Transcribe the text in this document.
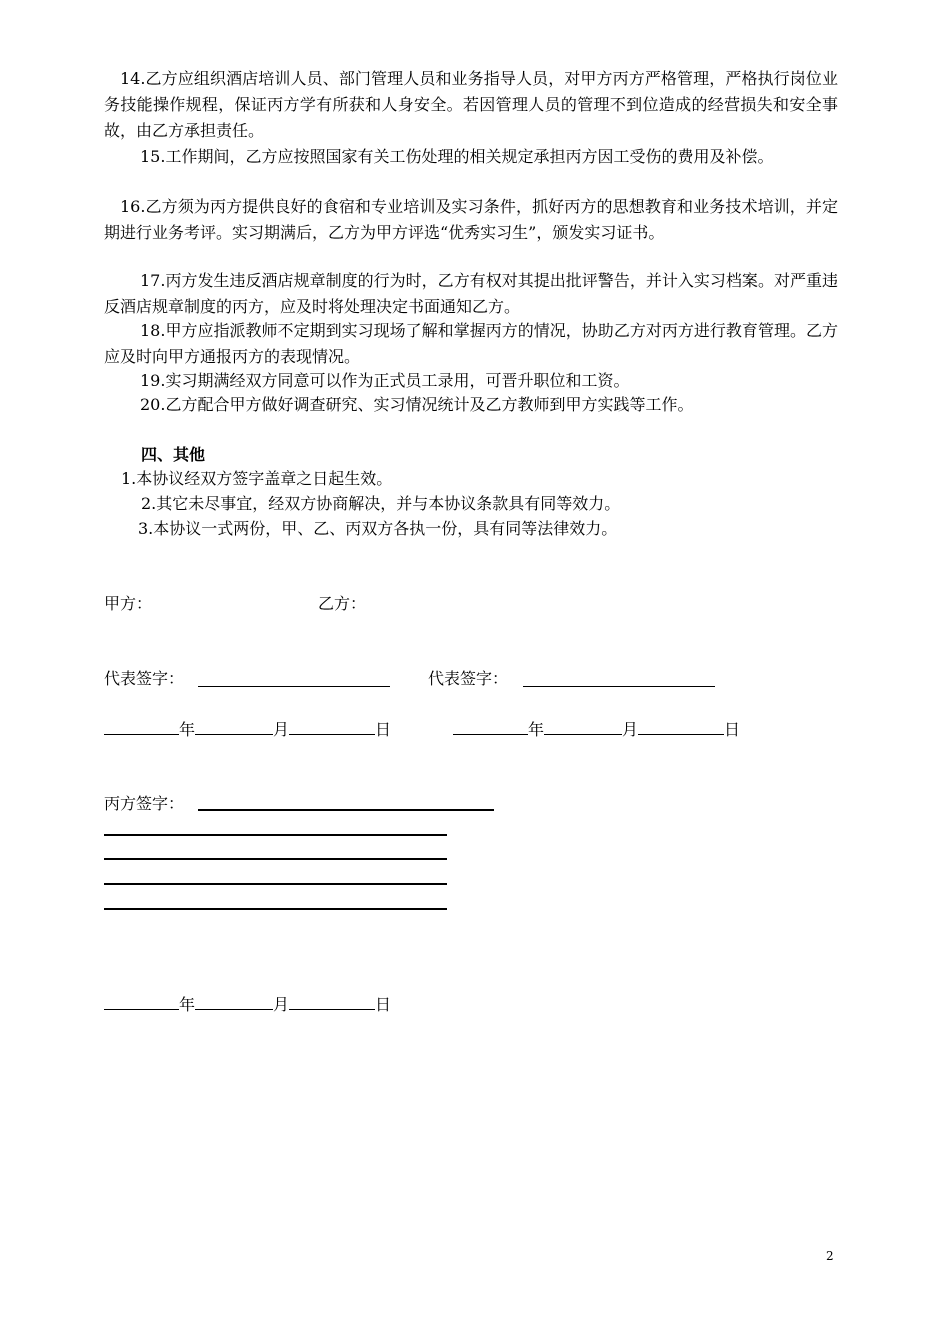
14.乙方应组织酒店培训人员、部门管理人员和业务指导人员，对甲方丙方严格管理，严格执行岗位业务技能操作规程，保证丙方学有所获和人身安全。若因管理人员的管理不到位造成的经营损失和安全事故，由乙方承担责任。

15.工作期间，乙方应按照国家有关工伤处理的相关规定承担丙方因工受伤的费用及补偿。

16.乙方须为丙方提供良好的食宿和专业培训及实习条件，抓好丙方的思想教育和业务技术培训，并定期进行业务考评。实习期满后，乙方为甲方评选“优秀实习生”，颁发实习证书。

17.丙方发生违反酒店规章制度的行为时，乙方有权对其提出批评警告，并计入实习档案。对严重违反酒店规章制度的丙方，应及时将处理决定书面通知乙方。

18.甲方应指派教师不定期到实习现场了解和掌握丙方的情况，协助乙方对丙方进行教育管理。乙方应及时向甲方通报丙方的表现情况。

19.实习期满经双方同意可以作为正式员工录用，可晋升职位和工资。

20.乙方配合甲方做好调查研究、实习情况统计及乙方教师到甲方实践等工作。

四、其他

1.本协议经双方签字盖章之日起生效。

2.其它未尽事宜，经双方协商解决，并与本协议条款具有同等效力。

3.本协议一式两份，甲、乙、丙双方各执一份，具有同等法律效力。

甲方：	乙方：

代表签字：	代表签字：

年	月	日	年	月	日

丙方签字：

年	月	日
2
